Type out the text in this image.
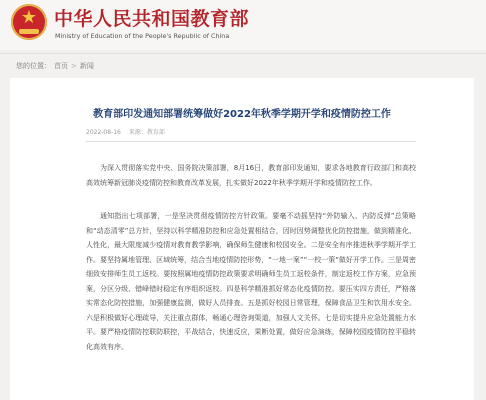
★ 中华人民共和国教育部
Ministry of Education of the People's Republic of China
您的位置： 首页 > 新闻
教育部印发通知部署统筹做好2022年秋季学期开学和疫情防控工作
2022-08-16 来源：教育部

为深入贯彻落实党中央、国务院决策部署，8月16日，教育部印发通知，要求各地教育行政部门和高校高效统筹新冠肺炎疫情防控和教育改革发展，扎实做好2022年秋季学期开学和疫情防控工作。

通知指出七项部署，一是坚决贯彻疫情防控方针政策。要毫不动摇坚持“外防输入、内防反弹”总策略和“动态清零”总方针，坚持以科学精准防控和应急处置相结合，因时因势调整优化防控措施，做到精准化、人性化，最大限度减少疫情对教育教学影响，确保师生健康和校园安全。二是安全有序推进秋季学期开学工作。要坚持属地管理、区域统筹，结合当地疫情防控形势，“一地一案”“一校一策”做好开学工作。三是周密细致安排师生员工返校。要按照属地疫情防控政策要求明确师生员工返校条件，制定返校工作方案，应急预案，分区分级、错峰错时稳定有序组织返校。四是科学精准抓好常态化疫情防控。要压实四方责任，严格落实常态化防控措施，加强健康监测，做好人员排查。五是抓好校园日常管理，保障食品卫生和饮用水安全。六是积极做好心理疏导，关注重点群体，畅通心理咨询渠道，加强人文关怀。七是切实提升应急处置能力水平。要严格疫情防控联防联控，平战结合，快速反应，果断处置，做好应急演练，保障校园疫情防控平稳转化高效有序。
